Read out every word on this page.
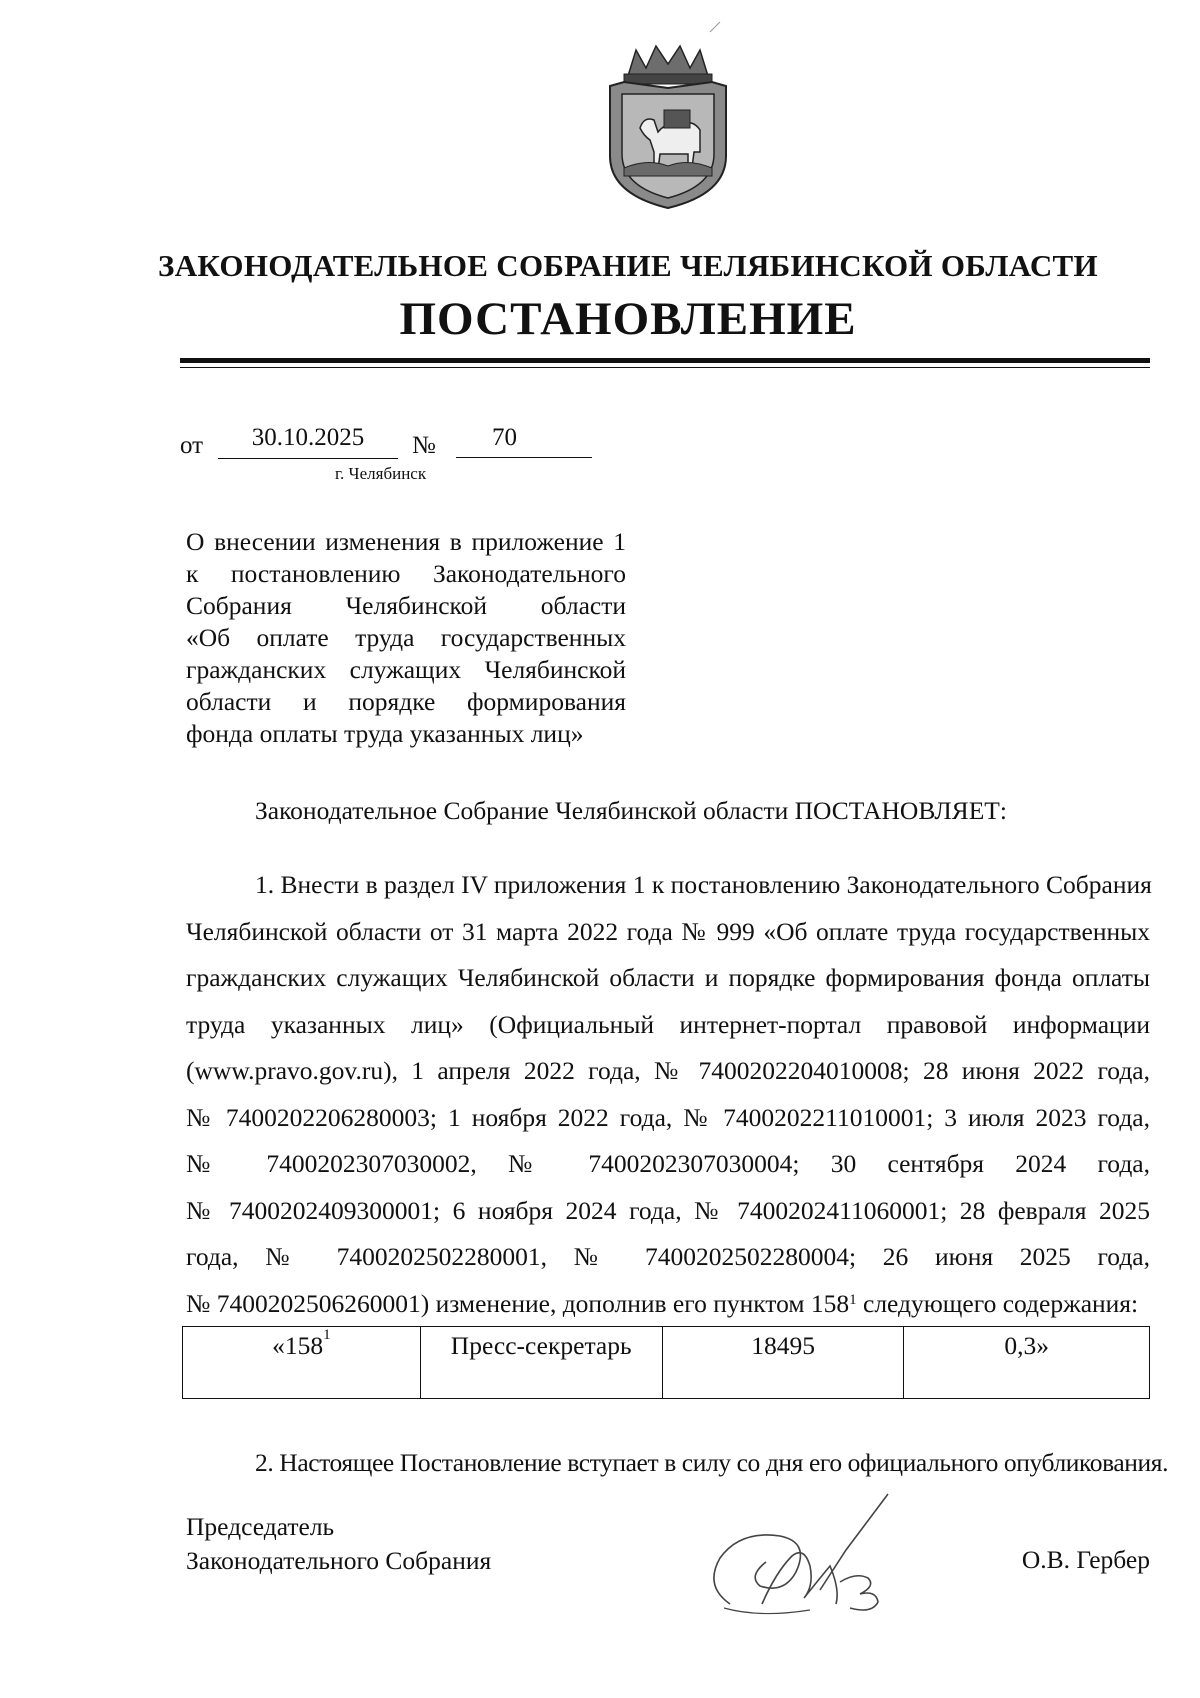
ЗАКОНОДАТЕЛЬНОЕ СОБРАНИЕ ЧЕЛЯБИНСКОЙ ОБЛАСТИ
ПОСТАНОВЛЕНИЕ
от	30.10.2025	№	70
г. Челябинск
О внесении изменения в приложение 1
к постановлению Законодательного
Собрания Челябинской области
«Об оплате труда государственных
гражданских служащих Челябинской
области и порядке формирования
фонда оплаты труда указанных лиц»
Законодательное Собрание Челябинской области ПОСТАНОВЛЯЕТ:
1. Внести в раздел IV приложения 1 к постановлению Законодательного Собрания
Челябинской области от 31 марта 2022 года № 999 «Об оплате труда государственных
гражданских служащих Челябинской области и порядке формирования фонда оплаты
труда указанных лиц» (Официальный интернет-портал правовой информации
(www.pravo.gov.ru), 1 апреля 2022 года, № 7400202204010008; 28 июня 2022 года,
№ 7400202206280003; 1 ноября 2022 года, № 7400202211010001; 3 июля 2023 года,
№ 7400202307030002, № 7400202307030004; 30 сентября 2024 года,
№ 7400202409300001; 6 ноября 2024 года, № 7400202411060001; 28 февраля 2025
года, № 7400202502280001, № 7400202502280004; 26 июня 2025 года,
№ 7400202506260001) изменение, дополнив его пунктом $158^1$ следующего содержания:
«$158^1$	Пресс-секретарь	18495	0,3»
2. Настоящее Постановление вступает в силу со дня его официального опубликования.
Председатель
Законодательного Собрания	О.В. Гербер
